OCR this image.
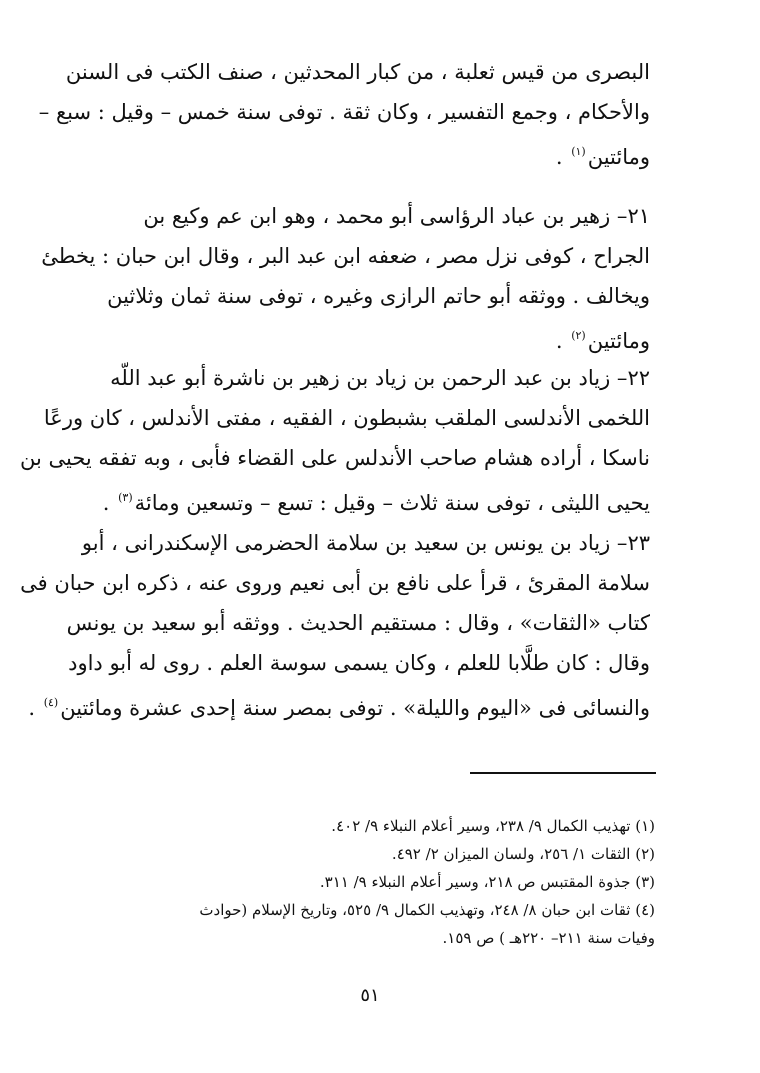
البصرى من قيس ثعلبة ، من كبار المحدثين ، صنف الكتب فى السنن
والأحكام ، وجمع التفسير ، وكان ثقة . توفى سنة خمس – وقيل : سبع –
ومائتين$^{(١)}$ .
٢١– زهير بن عباد الرؤاسى أبو محمد ، وهو ابن عم وكيع بن
الجراح ، كوفى نزل مصر ، ضعفه ابن عبد البر ، وقال ابن حبان : يخطئ
ويخالف . ووثقه أبو حاتم الرازى وغيره ، توفى سنة ثمان وثلاثين
ومائتين$^{(٢)}$ .
٢٢– زياد بن عبد الرحمن بن زياد بن زهير بن ناشرة أبو عبد اللّه
اللخمى الأندلسى الملقب بشبطون ، الفقيه ، مفتى الأندلس ، كان ورعًا
ناسكا ، أراده هشام صاحب الأندلس على القضاء فأبى ، وبه تفقه يحيى بن
يحيى الليثى ، توفى سنة ثلاث – وقيل : تسع – وتسعين ومائة$^{(٣)}$ .
٢٣– زياد بن يونس بن سعيد بن سلامة الحضرمى الإسكندرانى ، أبو
سلامة المقرئ ، قرأ على نافع بن أبى نعيم وروى عنه ، ذكره ابن حبان فى
كتاب «الثقات» ، وقال : مستقيم الحديث . ووثقه أبو سعيد بن يونس
وقال : كان طلَّابا للعلم ، وكان يسمى سوسة العلم . روى له أبو داود
والنسائى فى «اليوم والليلة» . توفى بمصر سنة إحدى عشرة ومائتين$^{(٤)}$ .
(١) تهذيب الكمال ٩/ ٢٣٨، وسير أعلام النبلاء ٩/ ٤٠٢.
(٢) الثقات ١/ ٢٥٦، ولسان الميزان ٢/ ٤٩٢.
(٣) جذوة المقتبس ص ٢١٨، وسير أعلام النبلاء ٩/ ٣١١.
(٤) ثقات ابن حبان ٨/ ٢٤٨، وتهذيب الكمال ٩/ ٥٢٥، وتاريخ الإسلام (حوادث
وفيات سنة ٢١١– ٢٢٠هـ ) ص ١٥٩.
٥١
